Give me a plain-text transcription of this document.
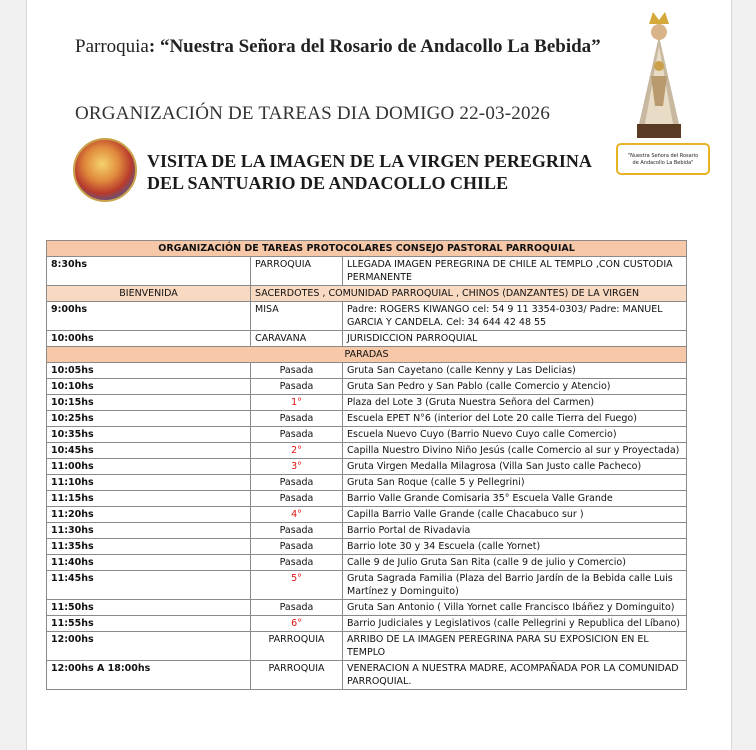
Parroquia: “Nuestra Señora del Rosario de Andacollo La Bebida”
ORGANIZACIÓN DE TAREAS DIA DOMIGO 22-03-2026
VISITA DE LA IMAGEN DE LA VIRGEN PEREGRINA
DEL SANTUARIO DE ANDACOLLO CHILE
"Nuestra Señora del Rosario
de Andacollo La Bebida"
ORGANIZACIÓN DE TAREAS PROTOCOLARES CONSEJO PASTORAL PARROQUIAL		
8:30hs	PARROQUIA	LLEGADA IMAGEN PEREGRINA DE CHILE AL TEMPLO ,CON CUSTODIA PERMANENTE
BIENVENIDA	SACERDOTES , COMUNIDAD PARROQUIAL , CHINOS (DANZANTES) DE LA VIRGEN	
9:00hs	MISA	Padre: ROGERS KIWANGO cel: 54 9 11 3354-0303/ Padre: MANUEL GARCIA Y CANDELA. Cel: 34 644 42 48 55
10:00hs	CARAVANA	JURISDICCION PARROQUIAL
PARADAS		
10:05hs	Pasada	Gruta San Cayetano (calle Kenny y Las Delicias)
10:10hs	Pasada	Gruta San Pedro y San Pablo (calle Comercio y Atencio)
10:15hs	1°	Plaza del Lote 3 (Gruta Nuestra Señora del Carmen)
10:25hs	Pasada	Escuela EPET N°6 (interior del Lote 20 calle Tierra del Fuego)
10:35hs	Pasada	Escuela Nuevo Cuyo (Barrio Nuevo Cuyo calle Comercio)
10:45hs	2°	Capilla Nuestro Divino Niño Jesús (calle Comercio al sur y Proyectada)
11:00hs	3°	Gruta Virgen Medalla Milagrosa (Villa San Justo calle Pacheco)
11:10hs	Pasada	Gruta San Roque (calle 5 y Pellegrini)
11:15hs	Pasada	Barrio Valle Grande Comisaria 35° Escuela Valle Grande
11:20hs	4°	Capilla Barrio Valle Grande (calle Chacabuco sur )
11:30hs	Pasada	Barrio Portal de Rivadavia
11:35hs	Pasada	Barrio lote 30 y 34 Escuela (calle Yornet)
11:40hs	Pasada	Calle 9 de Julio Gruta San Rita (calle 9 de julio y Comercio)
11:45hs	5°	Gruta Sagrada Familia (Plaza del Barrio Jardín de la Bebida calle Luis Martínez y Dominguito)
11:50hs	Pasada	Gruta San Antonio ( Villa Yornet calle Francisco Ibáñez y Dominguito)
11:55hs	6°	Barrio Judiciales y Legislativos (calle Pellegrini y Republica del Líbano)
12:00hs	PARROQUIA	ARRIBO DE LA IMAGEN PEREGRINA PARA SU EXPOSICION EN EL TEMPLO
12:00hs A 18:00hs	PARROQUIA	VENERACION A NUESTRA MADRE, ACOMPAÑADA POR LA COMUNIDAD PARROQUIAL.
